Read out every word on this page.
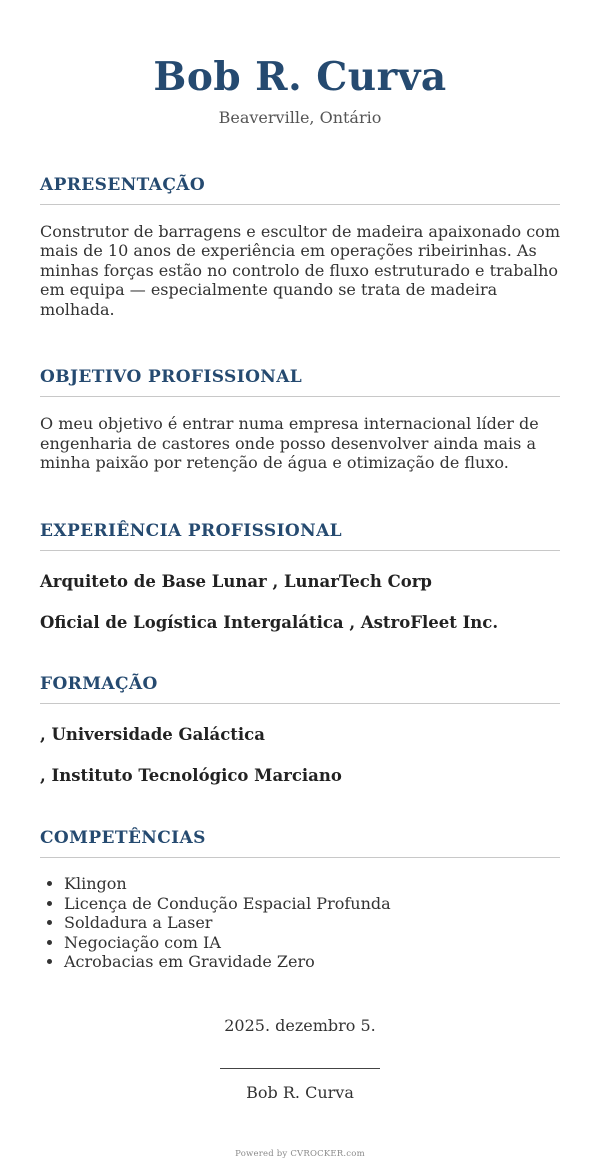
Bob R. Curva
Beaverville, Ontário
APRESENTAÇÃO

Construtor de barragens e escultor de madeira apaixonado com mais de 10 anos de experiência em operações ribeirinhas. As minhas forças estão no controlo de fluxo estruturado e trabalho em equipa — especialmente quando se trata de madeira molhada.

OBJETIVO PROFISSIONAL

O meu objetivo é entrar numa empresa internacional líder de engenharia de castores onde posso desenvolver ainda mais a minha paixão por retenção de água e otimização de fluxo.

EXPERIÊNCIA PROFISSIONAL
Arquiteto de Base Lunar , LunarTech Corp
Oficial de Logística Intergalática , AstroFleet Inc.
FORMAÇÃO
, Universidade Galáctica
, Instituto Tecnológico Marciano
COMPETÊNCIAS
• Klingon
• Licença de Condução Espacial Profunda
• Soldadura a Laser
• Negociação com IA
• Acrobacias em Gravidade Zero
2025. dezembro 5.
Bob R. Curva
Powered by CVROCKER.com
